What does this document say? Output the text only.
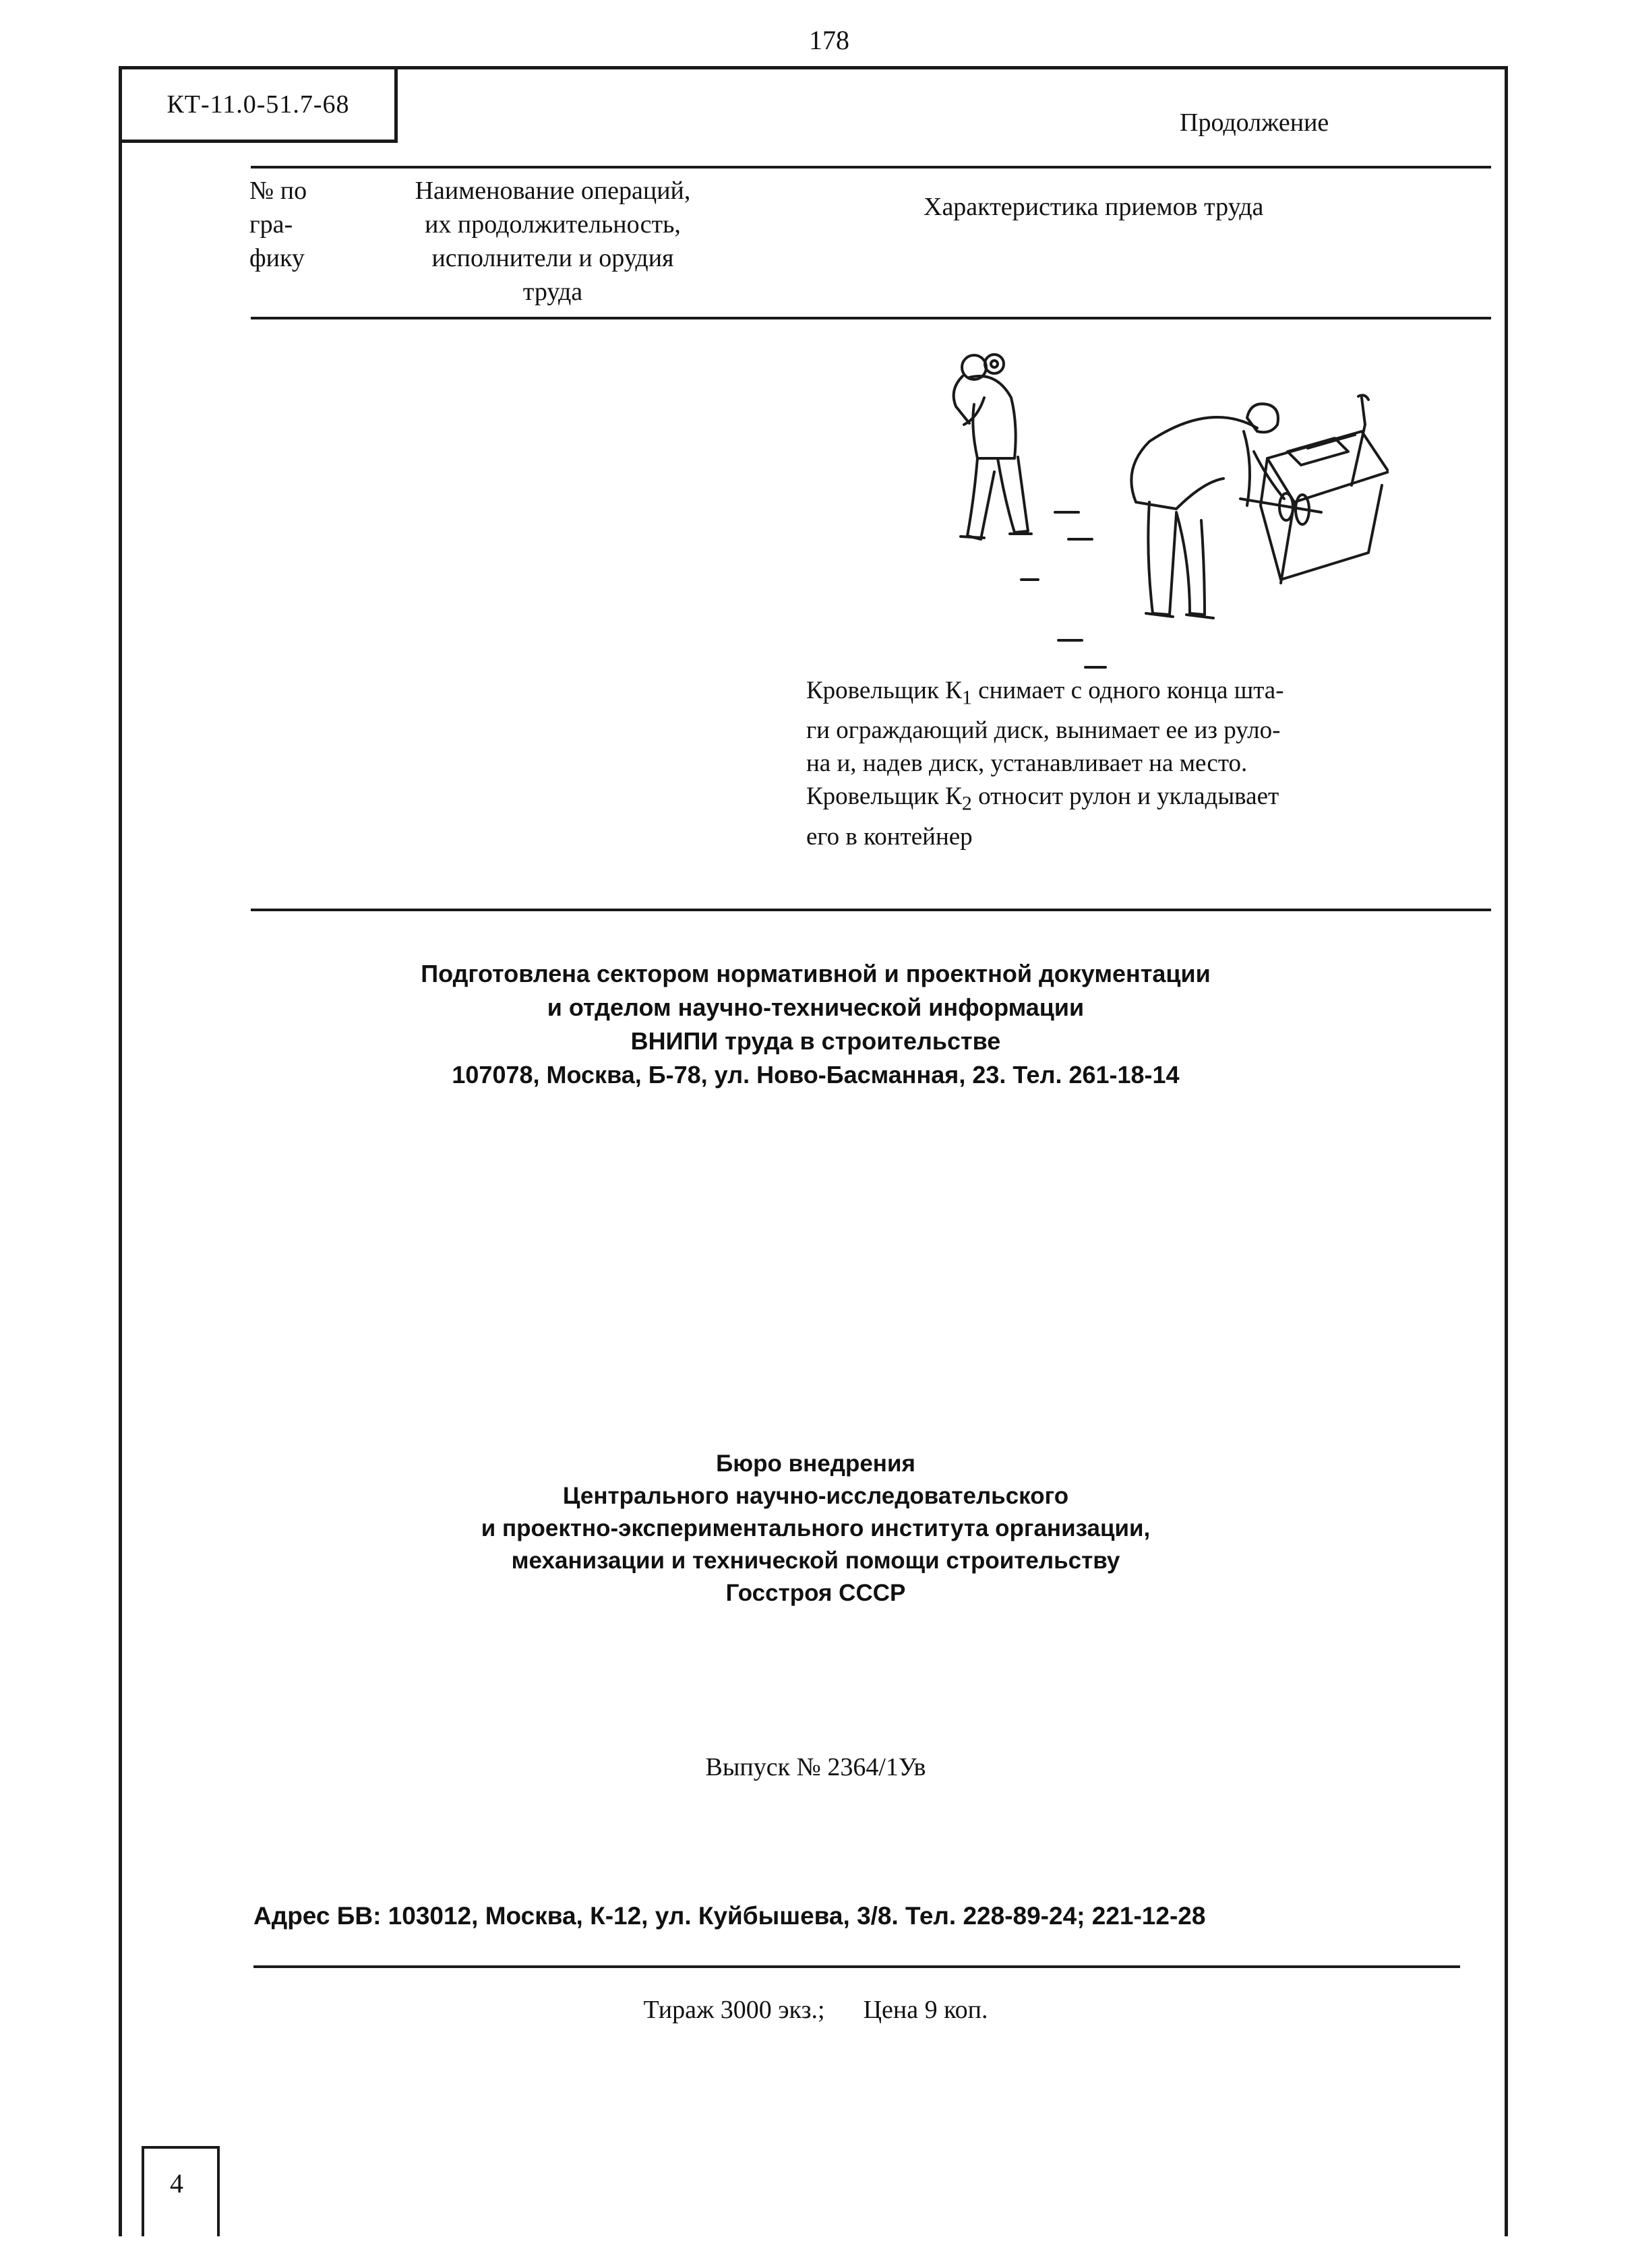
178
КТ-11.0-51.7-68
Продолжение
№ по
гра-
фику
Наименование операций,
их продолжительность,
исполнители и орудия
труда
Характеристика приемов труда
Кровельщик $К_1$ снимает с одного конца шта-
ги ограждающий диск, вынимает ее из рулo-
на и, надев диск, устанавливает на место.
Кровельщик $К_2$ относит рулон и укладывает
его в контейнер
Подготовлена сектором нормативной и проектной документации
и отделом научно-технической информации
ВНИПИ труда в строительстве
107078, Москва, Б-78, ул. Ново-Басманная, 23. Тел. 261-18-14
Бюро внедрения
Центрального научно-исследовательского
и проектно-экспериментального института организации,
механизации и технической помощи строительству
Госстроя СССР
Выпуск № 2364/1Ув
Адрес БВ: 103012, Москва, К-12, ул. Куйбышева, 3/8. Тел. 228-89-24; 221-12-28
Тираж 3000 экз.; Цена 9 коп.
4
